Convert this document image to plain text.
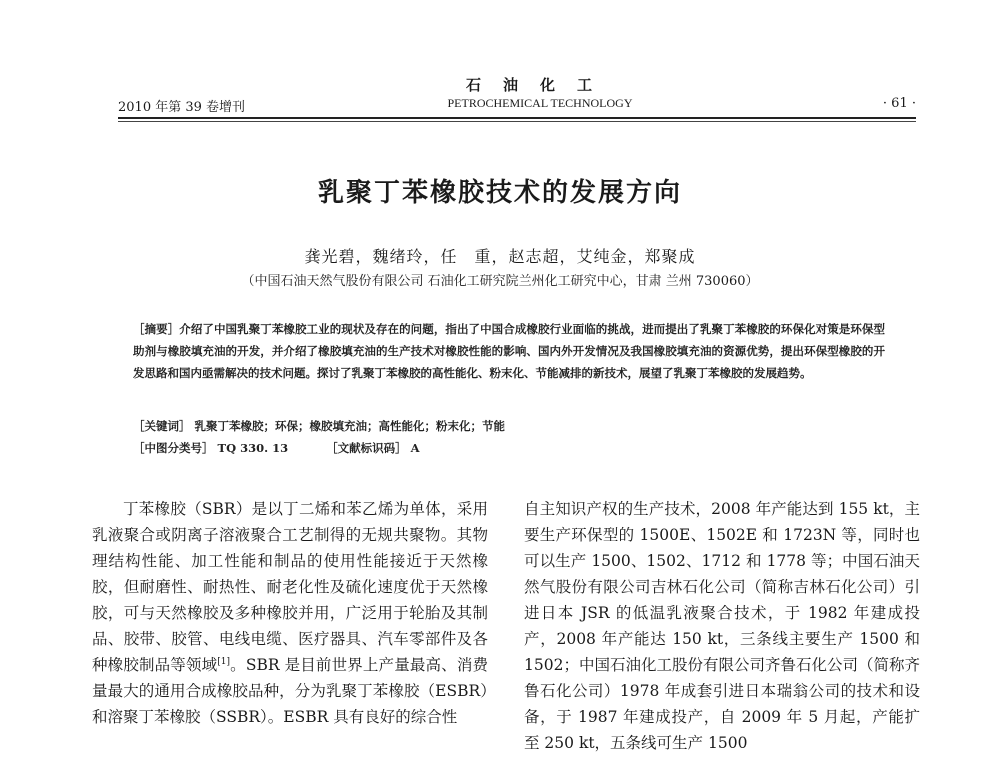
石油化工
2010 年第 39 卷增刊	PETROCHEMICAL TECHNOLOGY	· 61 ·
乳聚丁苯橡胶技术的发展方向
龚光碧，魏绪玲，任　重，赵志超，艾纯金，郑聚成
（中国石油天然气股份有限公司 石油化工研究院兰州化工研究中心，甘肃 兰州 730060）
［摘要］介绍了中国乳聚丁苯橡胶工业的现状及存在的问题，指出了中国合成橡胶行业面临的挑战，进而提出了乳聚丁苯橡胶的环保化对策是环保型助剂与橡胶填充油的开发，并介绍了橡胶填充油的生产技术对橡胶性能的影响、国内外开发情况及我国橡胶填充油的资源优势，提出环保型橡胶的开发思路和国内亟需解决的技术问题。探讨了乳聚丁苯橡胶的高性能化、粉末化、节能减排的新技术，展望了乳聚丁苯橡胶的发展趋势。
［关键词］ 乳聚丁苯橡胶；环保；橡胶填充油；高性能化；粉末化；节能
［中图分类号］ TQ 330. 13	［文献标识码］ A

丁苯橡胶（SBR）是以丁二烯和苯乙烯为单体，采用乳液聚合或阴离子溶液聚合工艺制得的无规共聚物。其物理结构性能、加工性能和制品的使用性能接近于天然橡胶，但耐磨性、耐热性、耐老化性及硫化速度优于天然橡胶，可与天然橡胶及多种橡胶并用，广泛用于轮胎及其制品、胶带、胶管、电线电缆、医疗器具、汽车零部件及各种橡胶制品等领域[1]。SBR 是目前世界上产量最高、消费量最大的通用合成橡胶品种，分为乳聚丁苯橡胶（ESBR）和溶聚丁苯橡胶（SSBR）。ESBR 具有良好的综合性

自主知识产权的生产技术，2008 年产能达到 155 kt，主要生产环保型的 1500E、1502E 和 1723N 等，同时也可以生产 1500、1502、1712 和 1778 等；中国石油天然气股份有限公司吉林石化公司（简称吉林石化公司）引进日本 JSR 的低温乳液聚合技术，于 1982 年建成投产，2008 年产能达 150 kt，三条线主要生产 1500 和 1502；中国石油化工股份有限公司齐鲁石化公司（简称齐鲁石化公司）1978 年成套引进日本瑞翁公司的技术和设备，于 1987 年建成投产，自 2009 年 5 月起，产能扩至 250 kt，五条线可生产 1500
